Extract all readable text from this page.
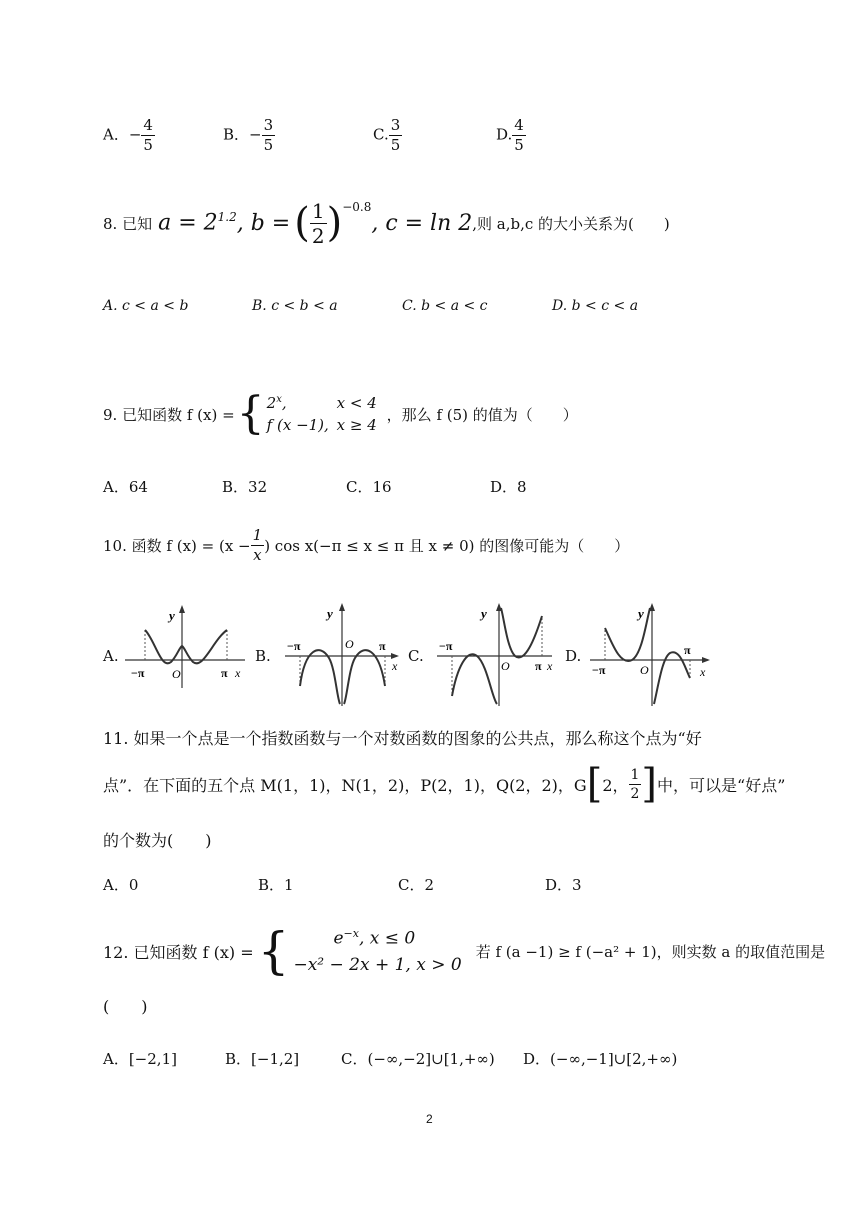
A．− $\frac{4}{5}$	B．− $\frac{3}{5}$	C. $\frac{3}{5}$	D. $\frac{4}{5}$
8. 已知 $a = 2^{1.2}$ , b = ( $\frac{1}{2} )^{-0.8}$
, c = ln 2 ,则 a,b,c 的大小关系为(　　)
A. c < a < b	B. c < b < a	C. b < a < c	D. b < c < a
9. 已知函数 f (x) = { 2$^x$,	x < 4
f (x −1), x ≥ 4
，那么 f (5) 的值为（　　）
A．64	B．32	C．16	D．8
10. 函数 f $(x) = (x - \frac{1}{x}$ ) cos x(−π ≤ x ≤ π 且 x ≠ 0) 的图像可能为（　　）
A.	B.	C.	D.
y
O
−π	π x
y
O
−π	π
x
y
O
−π
π x
y
O
−π
π
x
11. 如果一个点是一个指数函数与一个对数函数的图象的公共点，那么称这个点为“好
点”．在下面的五个点 M(1，1)，N(1，2)，P(2，1)，Q(2，2)，G [ 2， $\frac{1}{2}$ ] 中，可以是“好点”
的个数为(　　)
A．0	B．1	C．2	D．3
12. 已知函数 f (x) = {	$e^{-x}$, x ≤ 0
−x² − 2x + 1, x > 0
若 f (a −1) ≥ f (−a² + 1)，则实数 a 的取值范围是
(　　)
A．[−2,1]	B．[−1,2]	C．(−∞,−2]∪[1,+∞) D．(−∞,−1]∪[2,+∞)
2
